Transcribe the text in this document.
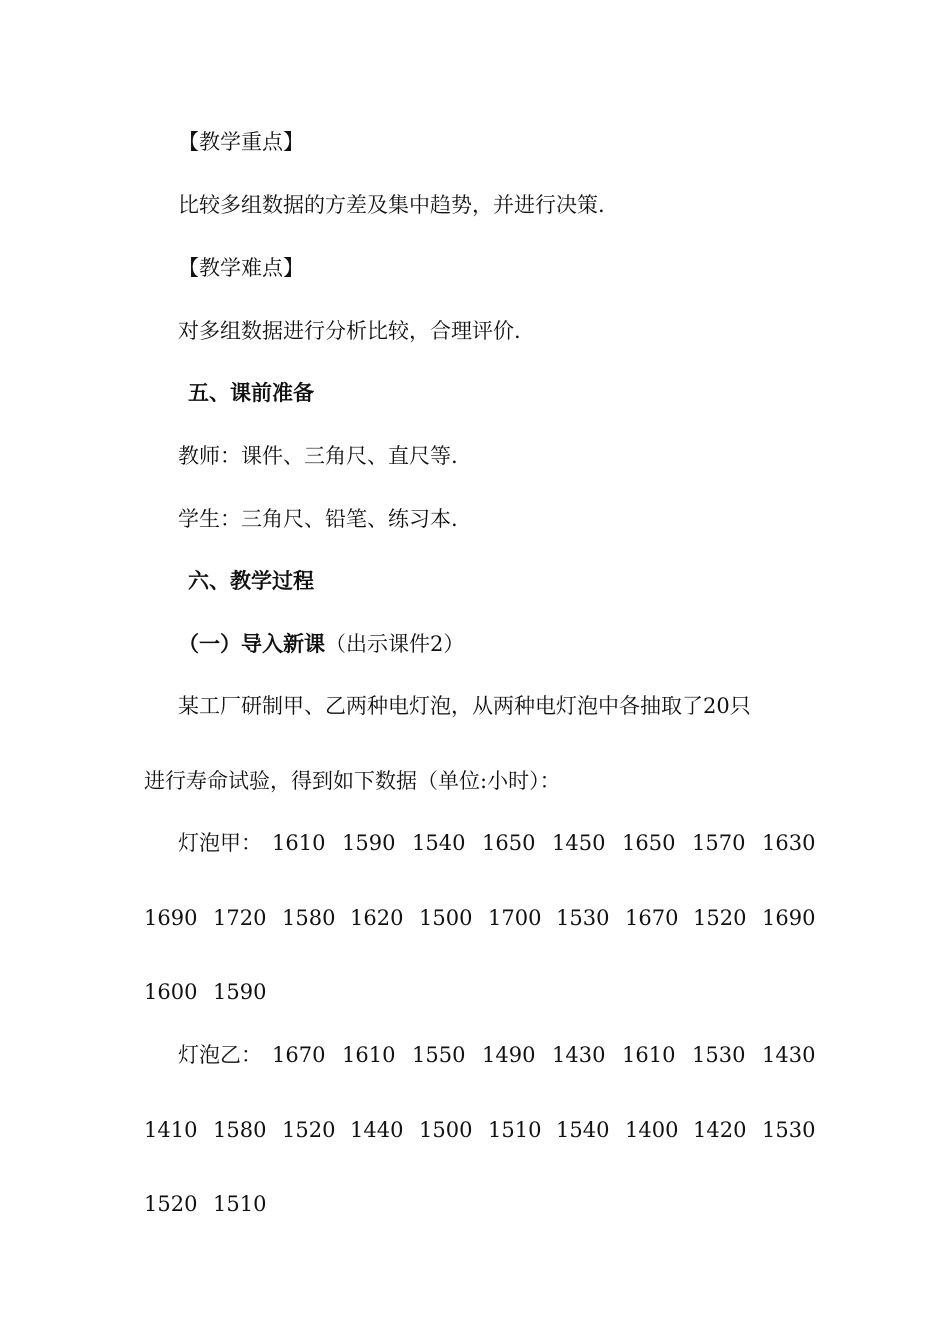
【教学重点】

比较多组数据的方差及集中趋势，并进行决策.

【教学难点】

对多组数据进行分析比较，合理评价.

五、课前准备

教师：课件、三角尺、直尺等.

学生：三角尺、铅笔、练习本.

六、教学过程

（一）导入新课（出示课件2）

某工厂研制甲、乙两种电灯泡，从两种电灯泡中各抽取了20只

进行寿命试验，得到如下数据（单位:小时）：

灯泡甲： 1610 1590 1540 1650 1450 1650 1570 1630
1690 1720 1580 1620 1500 1700 1530 1670 1520 1690
1600 1590
灯泡乙： 1670 1610 1550 1490 1430 1610 1530 1430
1410 1580 1520 1440 1500 1510 1540 1400 1420 1530
1520 1510
